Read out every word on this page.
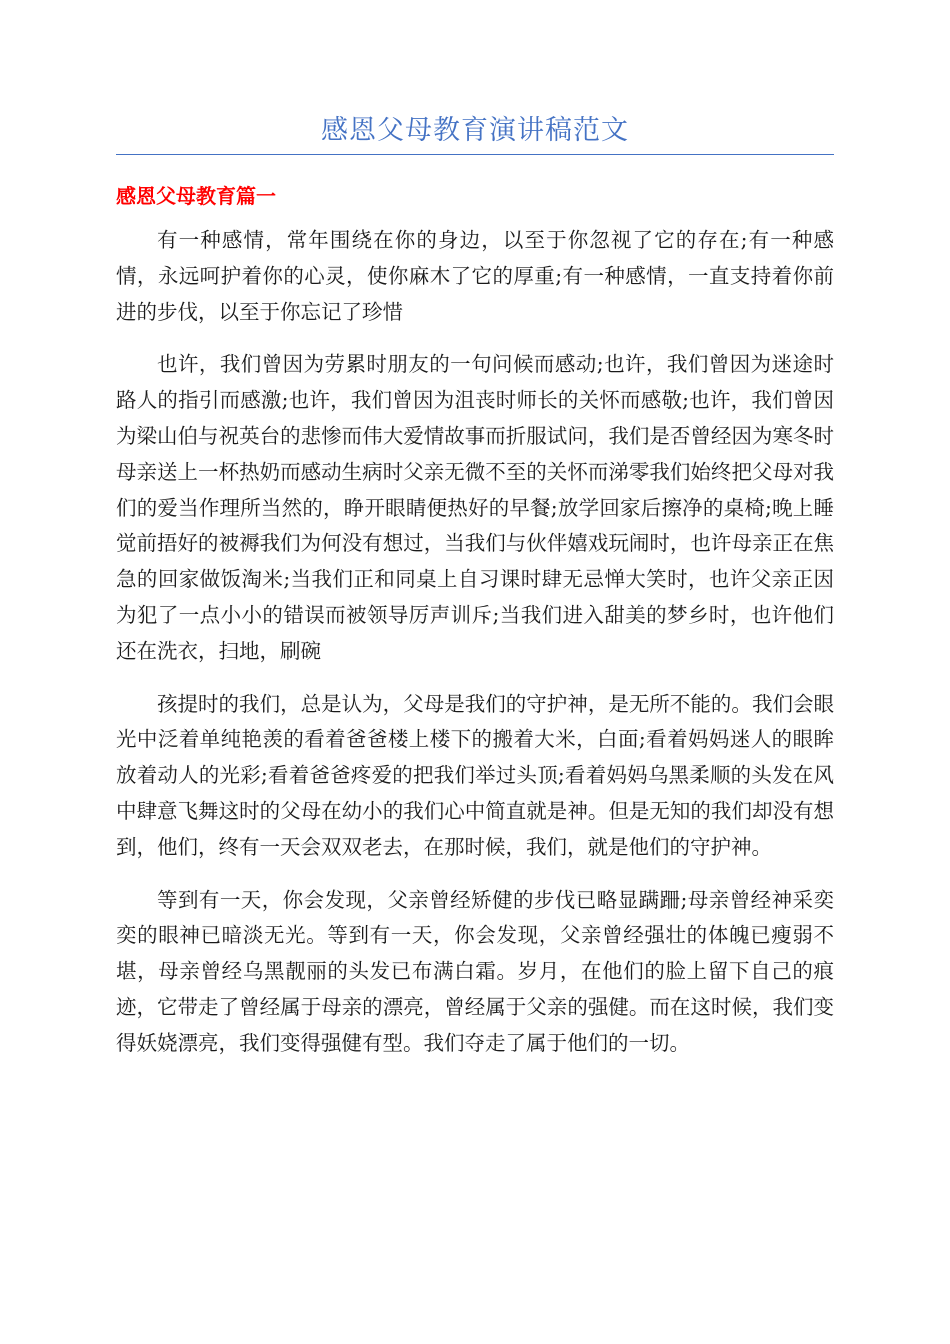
感恩父母教育演讲稿范文
感恩父母教育篇一

有一种感情，常年围绕在你的身边，以至于你忽视了它的存在;有一种感情，永远呵护着你的心灵，使你麻木了它的厚重;有一种感情，一直支持着你前进的步伐，以至于你忘记了珍惜

也许，我们曾因为劳累时朋友的一句问候而感动;也许，我们曾因为迷途时路人的指引而感激;也许，我们曾因为沮丧时师长的关怀而感敬;也许，我们曾因为梁山伯与祝英台的悲惨而伟大爱情故事而折服试问，我们是否曾经因为寒冬时母亲送上一杯热奶而感动生病时父亲无微不至的关怀而涕零我们始终把父母对我们的爱当作理所当然的，睁开眼睛便热好的早餐;放学回家后擦净的桌椅;晚上睡觉前捂好的被褥我们为何没有想过，当我们与伙伴嬉戏玩闹时，也许母亲正在焦急的回家做饭淘米;当我们正和同桌上自习课时肆无忌惮大笑时，也许父亲正因为犯了一点小小的错误而被领导厉声训斥;当我们进入甜美的梦乡时，也许他们还在洗衣，扫地，刷碗

孩提时的我们，总是认为，父母是我们的守护神，是无所不能的。我们会眼光中泛着单纯艳羡的看着爸爸楼上楼下的搬着大米，白面;看着妈妈迷人的眼眸放着动人的光彩;看着爸爸疼爱的把我们举过头顶;看着妈妈乌黑柔顺的头发在风中肆意飞舞这时的父母在幼小的我们心中简直就是神。但是无知的我们却没有想到，他们，终有一天会双双老去，在那时候，我们，就是他们的守护神。

等到有一天，你会发现，父亲曾经矫健的步伐已略显蹒跚;母亲曾经神采奕奕的眼神已暗淡无光。等到有一天，你会发现，父亲曾经强壮的体魄已瘦弱不堪，母亲曾经乌黑靓丽的头发已布满白霜。岁月，在他们的脸上留下自己的痕迹，它带走了曾经属于母亲的漂亮，曾经属于父亲的强健。而在这时候，我们变得妖娆漂亮，我们变得强健有型。我们夺走了属于他们的一切。
